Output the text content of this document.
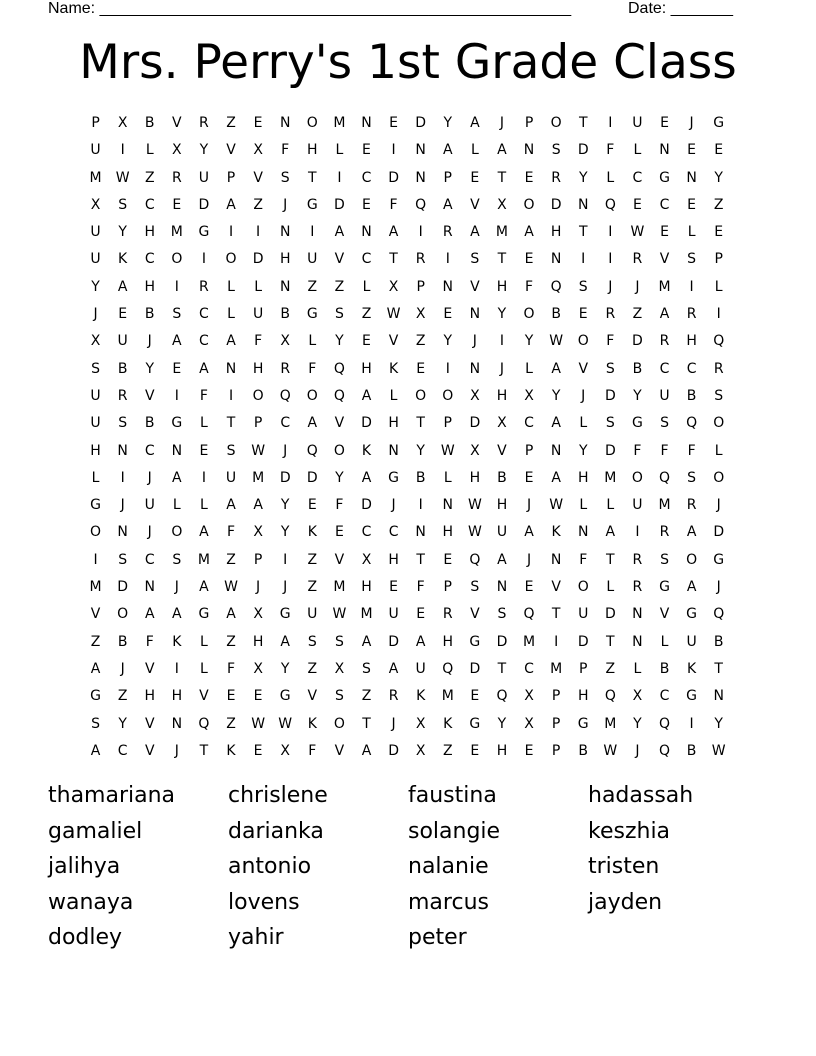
Name: _____________________________________________________	Date: _______
Mrs. Perry's 1st Grade Class
P	X	B	V	R	Z	E	N	O	M	N	E	D	Y	A	J	P	O	T	I	U	E	J	G
U	I	L	X	Y	V	X	F	H	L	E	I	N	A	L	A	N	S	D	F	L	N	E	E
M	W	Z	R	U	P	V	S	T	I	C	D	N	P	E	T	E	R	Y	L	C	G	N	Y
X	S	C	E	D	A	Z	J	G	D	E	F	Q	A	V	X	O	D	N	Q	E	C	E	Z
U	Y	H	M	G	I	I	N	I	A	N	A	I	R	A	M	A	H	T	I	W	E	L	E
U	K	C	O	I	O	D	H	U	V	C	T	R	I	S	T	E	N	I	I	R	V	S	P
Y	A	H	I	R	L	L	N	Z	Z	L	X	P	N	V	H	F	Q	S	J	J	M	I	L
J	E	B	S	C	L	U	B	G	S	Z	W	X	E	N	Y	O	B	E	R	Z	A	R	I
X	U	J	A	C	A	F	X	L	Y	E	V	Z	Y	J	I	Y	W	O	F	D	R	H	Q
S	B	Y	E	A	N	H	R	F	Q	H	K	E	I	N	J	L	A	V	S	B	C	C	R
U	R	V	I	F	I	O	Q	O	Q	A	L	O	O	X	H	X	Y	J	D	Y	U	B	S
U	S	B	G	L	T	P	C	A	V	D	H	T	P	D	X	C	A	L	S	G	S	Q	O
H	N	C	N	E	S	W	J	Q	O	K	N	Y	W	X	V	P	N	Y	D	F	F	F	L
L	I	J	A	I	U	M	D	D	Y	A	G	B	L	H	B	E	A	H	M	O	Q	S	O
G	J	U	L	L	A	A	Y	E	F	D	J	I	N	W	H	J	W	L	L	U	M	R	J
O	N	J	O	A	F	X	Y	K	E	C	C	N	H	W	U	A	K	N	A	I	R	A	D
I	S	C	S	M	Z	P	I	Z	V	X	H	T	E	Q	A	J	N	F	T	R	S	O	G
M	D	N	J	A	W	J	J	Z	M	H	E	F	P	S	N	E	V	O	L	R	G	A	J
V	O	A	A	G	A	X	G	U	W	M	U	E	R	V	S	Q	T	U	D	N	V	G	Q
Z	B	F	K	L	Z	H	A	S	S	A	D	A	H	G	D	M	I	D	T	N	L	U	B
A	J	V	I	L	F	X	Y	Z	X	S	A	U	Q	D	T	C	M	P	Z	L	B	K	T
G	Z	H	H	V	E	E	G	V	S	Z	R	K	M	E	Q	X	P	H	Q	X	C	G	N
S	Y	V	N	Q	Z	W W	K	O	T	J	X	K	G	Y	X	P	G	M	Y	Q	I	Y
A	C	V	J	T	K	E	X	F	V	A	D	X	Z	E	H	E	P	B	W	J	Q	B	W
thamariana	chrislene	faustina	hadassah
gamaliel	darianka	solangie	keszhia
jalihya	antonio	nalanie	tristen
wanaya	lovens	marcus	jayden
dodley	yahir	peter
